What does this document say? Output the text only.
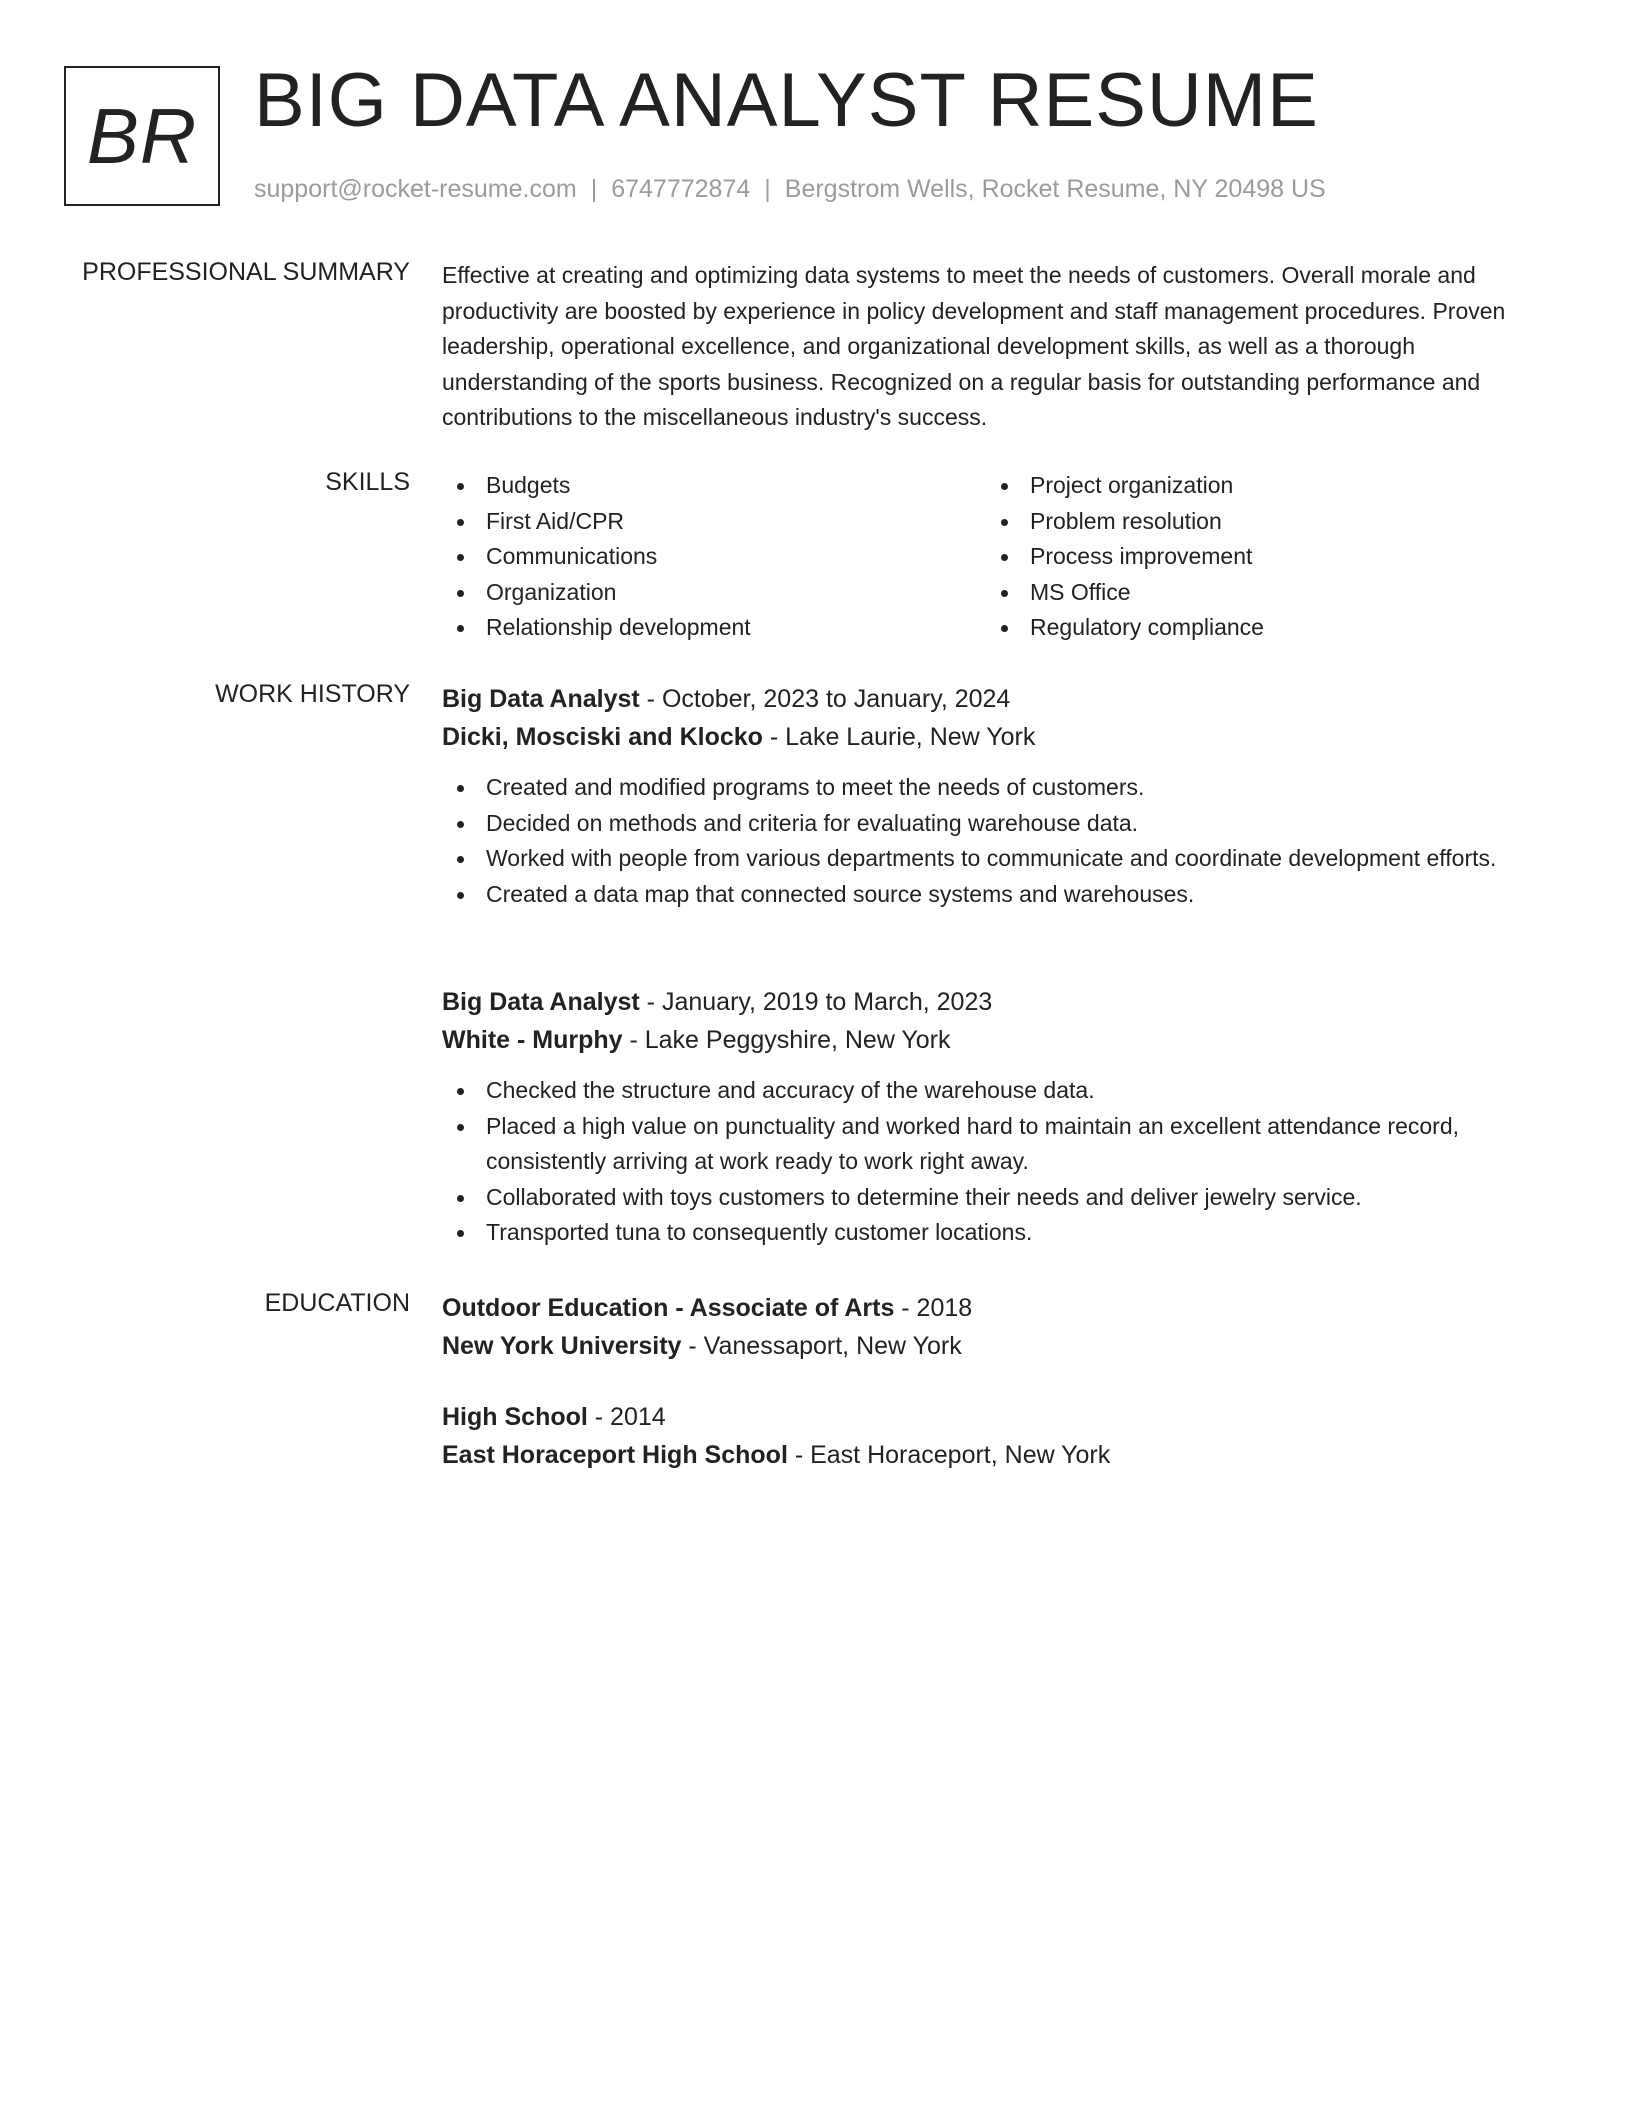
BR BIG DATA ANALYST RESUME
support@rocket-resume.com | 6747772874 | Bergstrom Wells, Rocket Resume, NY 20498 US
PROFESSIONAL SUMMARY Effective at creating and optimizing data systems to meet the needs of customers. Overall morale and productivity are boosted by experience in policy development and staff management procedures. Proven leadership, operational excellence, and organizational development skills, as well as a thorough understanding of the sports business. Recognized on a regular basis for outstanding performance and contributions to the miscellaneous industry's success.

SKILLS	Budgets
First Aid/CPR
Communications
Organization
Relationship development
Project organization
Problem resolution
Process improvement
MS Office
Regulatory compliance
WORK HISTORY Big Data Analyst - October, 2023 to January, 2024
Dicki, Mosciski and Klocko - Lake Laurie, New York
Created and modified programs to meet the needs of customers.
Decided on methods and criteria for evaluating warehouse data.
Worked with people from various departments to communicate and coordinate development efforts.
Created a data map that connected source systems and warehouses.
Big Data Analyst - January, 2019 to March, 2023
White - Murphy - Lake Peggyshire, New York
Checked the structure and accuracy of the warehouse data.
Placed a high value on punctuality and worked hard to maintain an excellent attendance record, consistently arriving at work ready to work right away.
Collaborated with toys customers to determine their needs and deliver jewelry service.
Transported tuna to consequently customer locations.
EDUCATION Outdoor Education - Associate of Arts - 2018
New York University - Vanessaport, New York
High School - 2014
East Horaceport High School - East Horaceport, New York
